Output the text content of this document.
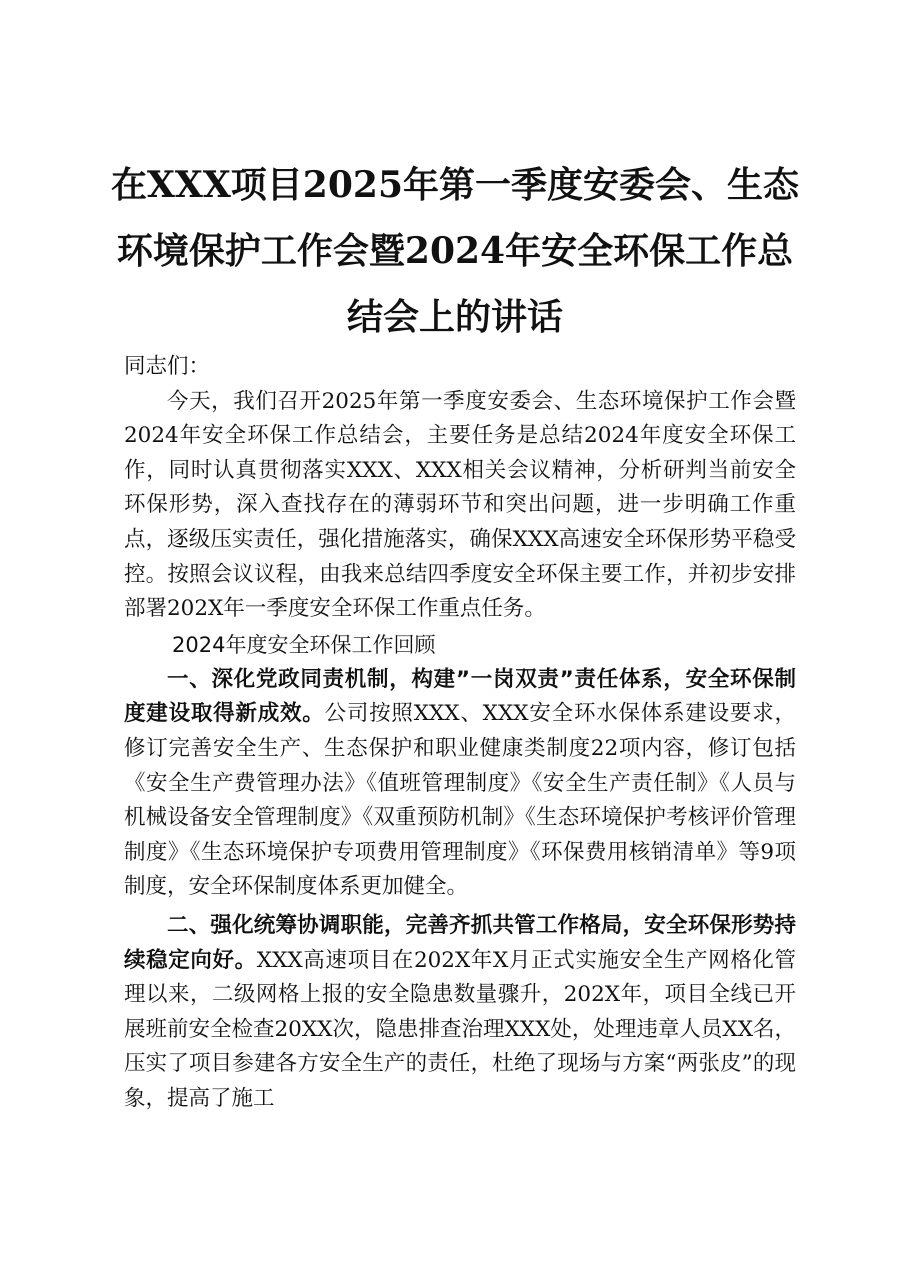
在XXX项目2025年第一季度安委会、生态环境保护工作会暨2024年安全环保工作总结会上的讲话

同志们：

今天，我们召开2025年第一季度安委会、生态环境保护工作会暨2024年安全环保工作总结会，主要任务是总结2024年度安全环保工作，同时认真贯彻落实XXX、XXX相关会议精神，分析研判当前安全环保形势，深入查找存在的薄弱环节和突出问题，进一步明确工作重点，逐级压实责任，强化措施落实，确保XXX高速安全环保形势平稳受控。按照会议议程，由我来总结四季度安全环保主要工作，并初步安排部署202X年一季度安全环保工作重点任务。

2024年度安全环保工作回顾

一、深化党政同责机制，构建”一岗双责”责任体系，安全环保制度建设取得新成效。公司按照XXX、XXX安全环水保体系建设要求，修订完善安全生产、生态保护和职业健康类制度22项内容，修订包括《安全生产费管理办法》《值班管理制度》《安全生产责任制》《人员与机械设备安全管理制度》《双重预防机制》《生态环境保护考核评价管理制度》《生态环境保护专项费用管理制度》《环保费用核销清单》等9项制度，安全环保制度体系更加健全。

二、强化统筹协调职能，完善齐抓共管工作格局，安全环保形势持续稳定向好。XXX高速项目在202X年X月正式实施安全生产网格化管理以来，二级网格上报的安全隐患数量骤升，202X年，项目全线已开展班前安全检查20XX次，隐患排查治理XXX处，处理违章人员XX名，压实了项目参建各方安全生产的责任，杜绝了现场与方案“两张皮”的现象，提高了施工
